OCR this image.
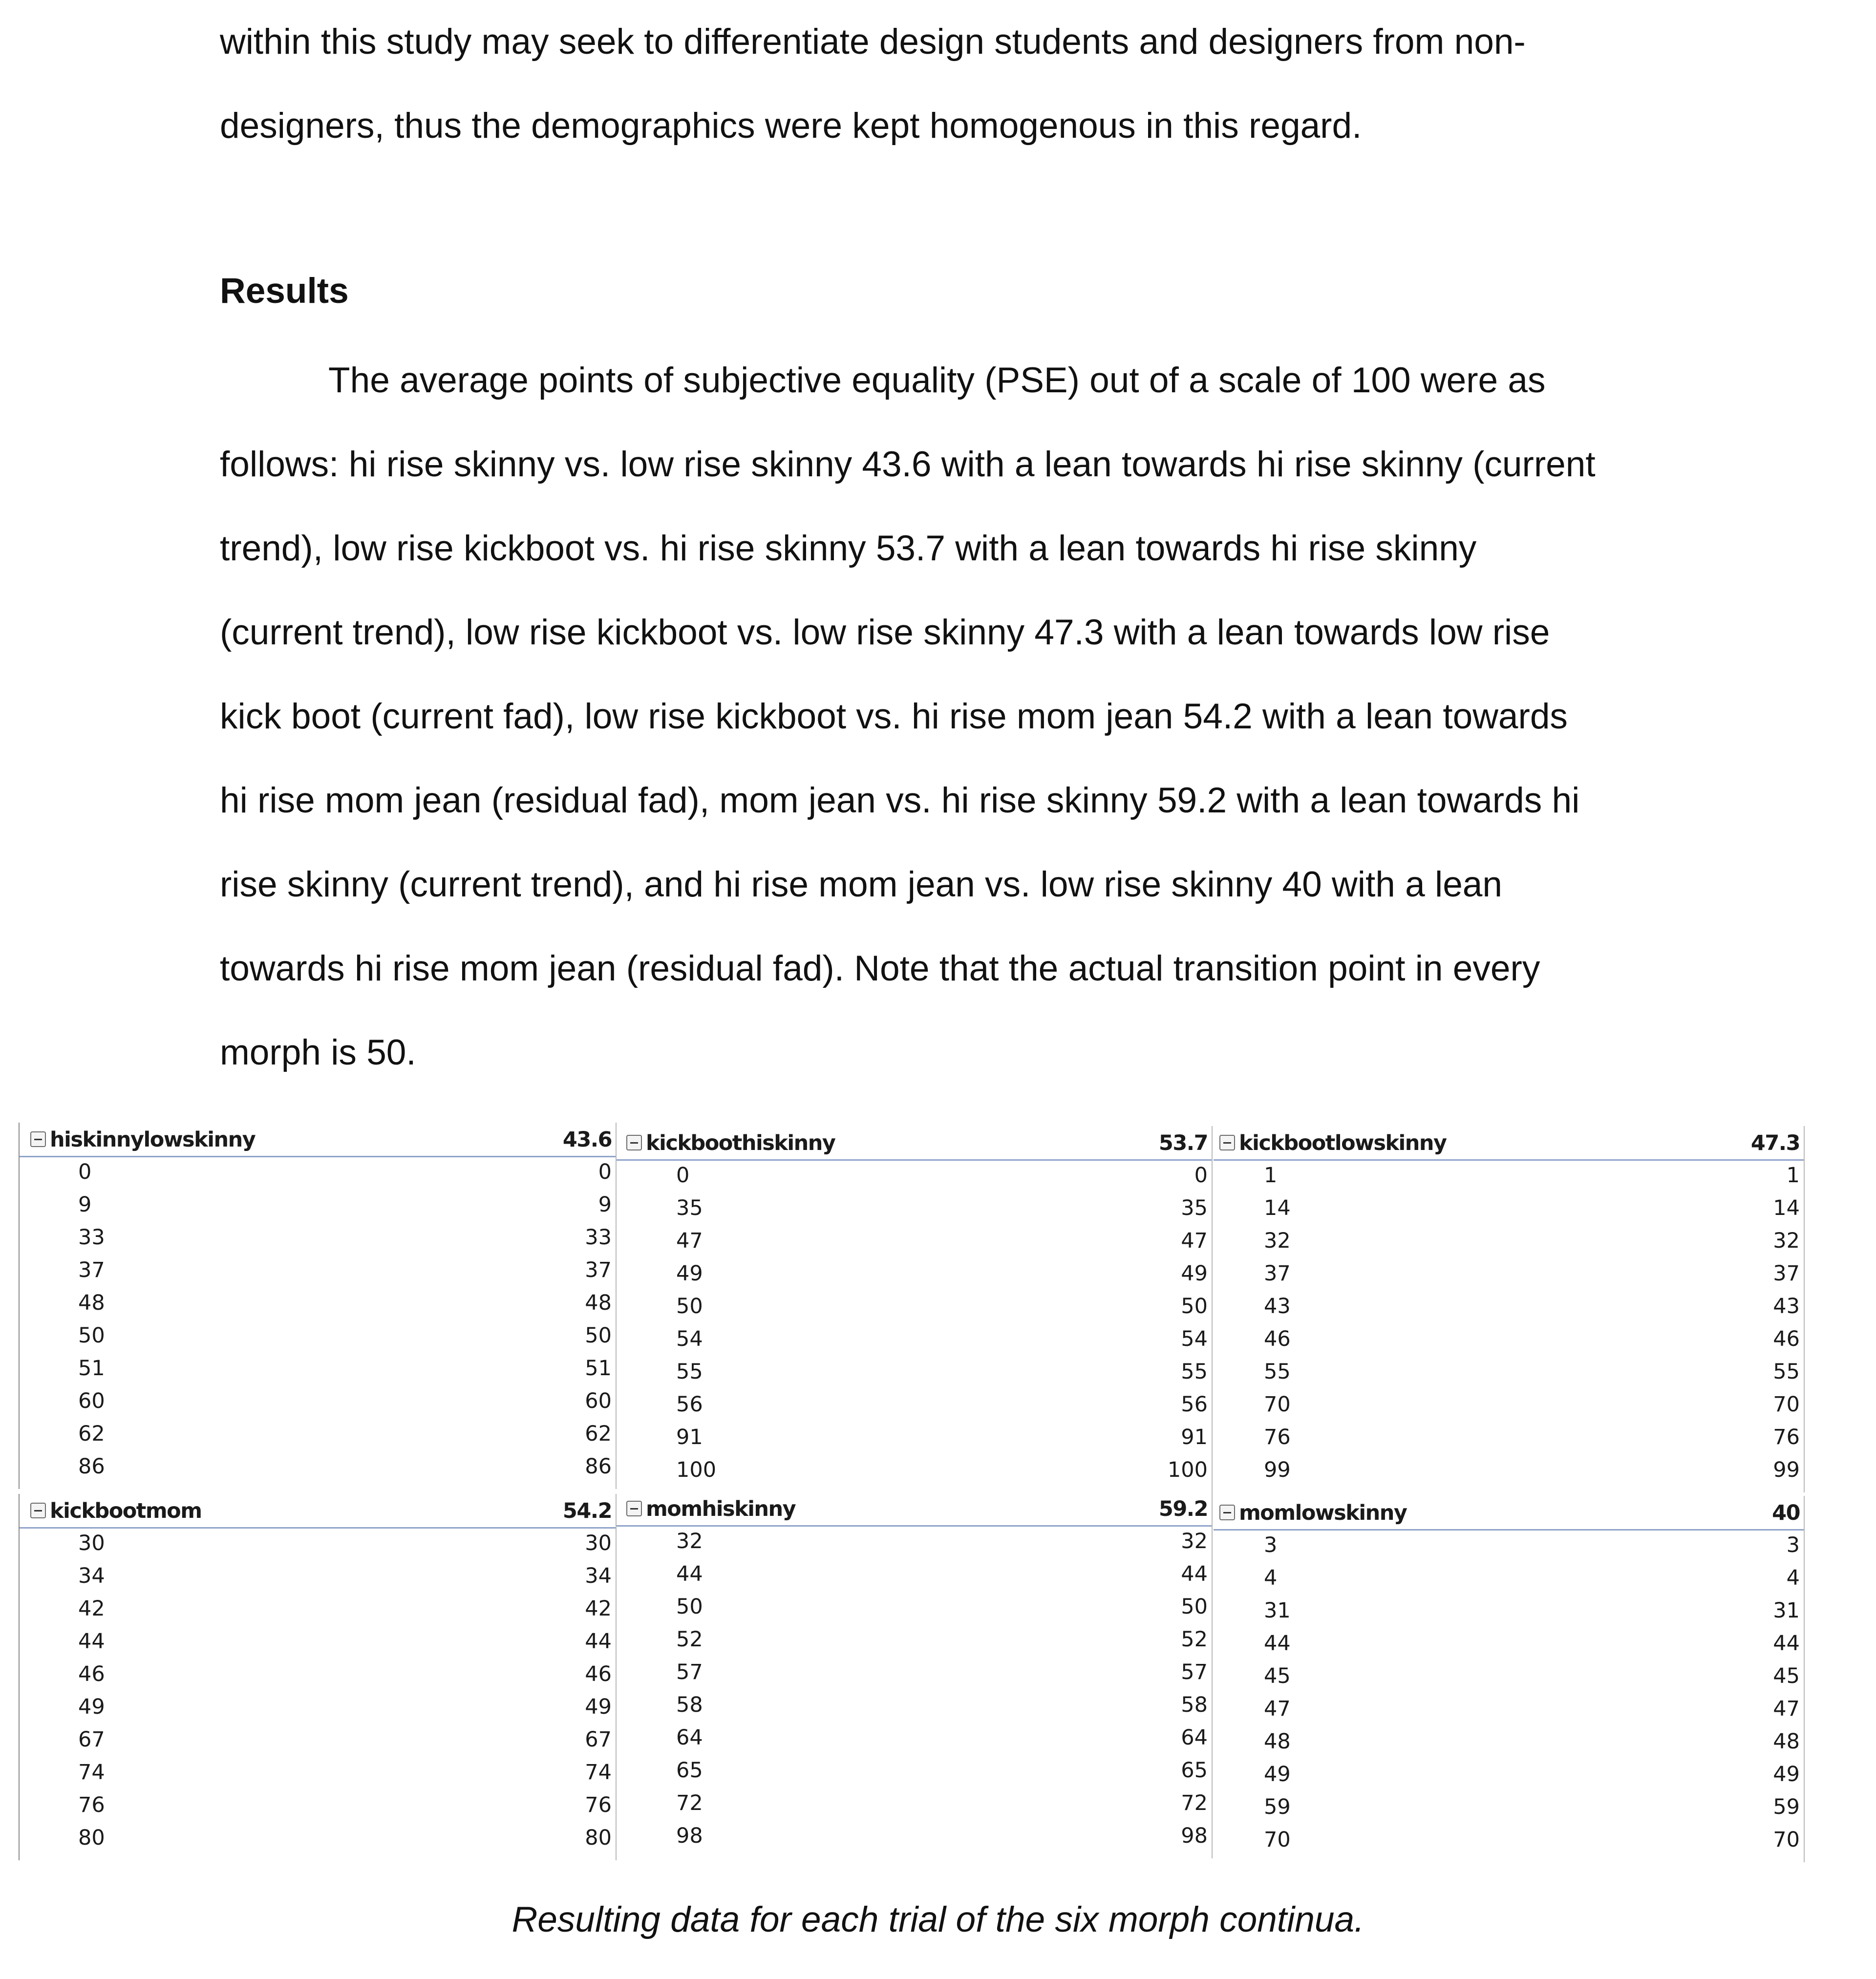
within this study may seek to differentiate design students and designers from non-
designers, thus the demographics were kept homogenous in this regard.
Results
The average points of subjective equality (PSE) out of a scale of 100 were as
follows: hi rise skinny vs. low rise skinny 43.6 with a lean towards hi rise skinny (current
trend), low rise kickboot vs. hi rise skinny 53.7 with a lean towards hi rise skinny
(current trend), low rise kickboot vs. low rise skinny 47.3 with a lean towards low rise
kick boot (current fad), low rise kickboot vs. hi rise mom jean 54.2 with a lean towards
hi rise mom jean (residual fad), mom jean vs. hi rise skinny 59.2 with a lean towards hi
rise skinny (current trend), and hi rise mom jean vs. low rise skinny 40 with a lean
towards hi rise mom jean (residual fad). Note that the actual transition point in every
morph is 50.
hiskinnylowskinny	43.6
0	0
9	9
33	33
37	37
48	48
50	50
51	51
60	60
62	62
86	86
kickboothiskinny	53.7
0	0
35	35
47	47
49	49
50	50
54	54
55	55
56	56
91	91
100	100
kickbootlowskinny	47.3
1	1
14	14
32	32
37	37
43	43
46	46
55	55
70	70
76	76
99	99
kickbootmom	54.2
30	30
34	34
42	42
44	44
46	46
49	49
67	67
74	74
76	76
80	80
momhiskinny	59.2
32	32
44	44
50	50
52	52
57	57
58	58
64	64
65	65
72	72
98	98
momlowskinny	40
3	3
4	4
31	31
44	44
45	45
47	47
48	48
49	49
59	59
70	70
Resulting data for each trial of the six morph continua.
